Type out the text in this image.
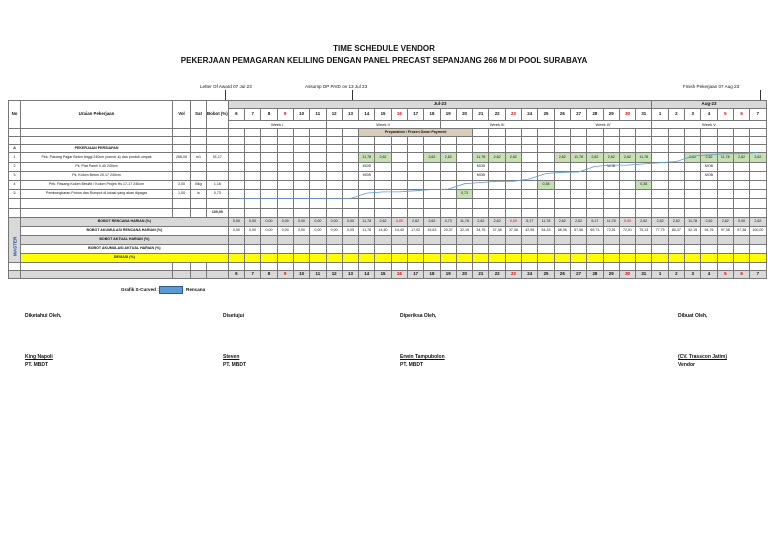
TIME SCHEDULE VENDOR
PEKERJAAN PEMAGARAN KELILING DENGAN PANEL PRECAST SEPANJANG 266 M DI POOL SURABAYA
Letter Of Award 07 Jul 23	Assump DP PAID on 13 Jul 23	Finish Pekerjaan 07 Aug 23
No	Uraian Pekerjaan	Vol	Sat	Bobot (%)	Jul-23																										Aug-23						
					6	7	8	9	10	11	12	13	14	15	16	17	18	19	20	21	22	23	24	25	26	27	28	29	30	31	1	2	3	4	5	6	7
					Week I						Week II							Week III							Week IV						Week V						
													Preparation / Frozen Down Payment																								

A	PEKERJAAN PERSIAPAN																																				
1	Pek. Pasang Pagar Beton tinggi 240cm (corner-k) dan produk umpak	266,00	m1	91,17									11,78	2,62			2,62	2,62		11,78	2,62	2,62			2,62	11,78	2,62	2,62	2,62	11,78			2,62	2,62	11,78	2,62	2,62
2	Pk. Plat Panel 0.40 240cm												MOB							MOB								MOB						MOB			
3	Pk. Kolom Beton 20.17 240cm												MOB							MOB														MOB			
4	Pek. Pasang Kolom Besi/kt / Kolom Projek Hs 17-17 240cm	3,00	Bkg	1,16																				0,38						0,38							
5	Pembongkaran Pohon dan Rumput di lokasi yang akan dipagar	1,00	ls	0,73															0,73																		

				100,00																																	
	BOBOT RENCANA HARIAN (%)				0,00	0,00	0,00	0,00	0,00	0,00	0,00	0,00	11,78	2,62	0,00	2,62	2,62	0,73	11,78	2,62	2,62	0,00	5,17	11,78	2,62	2,62	5,17	11,78	0,00	2,62	2,62	2,62	11,78	2,62	2,62	0,00	2,62
	BOBOT AKUMULASI RENCANA HARIAN (%)				0,00	0,00	0,00	0,00	0,00	0,00	0,00	0,00	11,78	14,40	14,40	17,02	19,63	20,37	32,15	34,76	37,38	37,38	42,55	54,33	56,95	57,56	69,73	72,51	72,51	75,13	77,75	80,37	92,15	94,76	97,38	97,38	100,00
	BOBOT AKTUAL HARIAN (%)																																				
	BOBOT AKUMULASI AKTUAL HARIAN (%)																																				
	DEVIASI (%)																																				

					6	7	8	9	10	11	12	13	14	15	16	17	18	19	20	21	22	23	24	25	26	27	28	29	30	31	1	2	3	4	5	6	7
MASTER
Grafik S-Curved :	Rencana
Diketahui Oleh,
King Napoli
PT. MBDT
Disetujui
Steven
PT. MBDT
Diperiksa Oleh,
Erwin Tampubolon
PT. MBDT
Dibuat Oleh,
(CV. Trasscon Jatim)
Vendor
